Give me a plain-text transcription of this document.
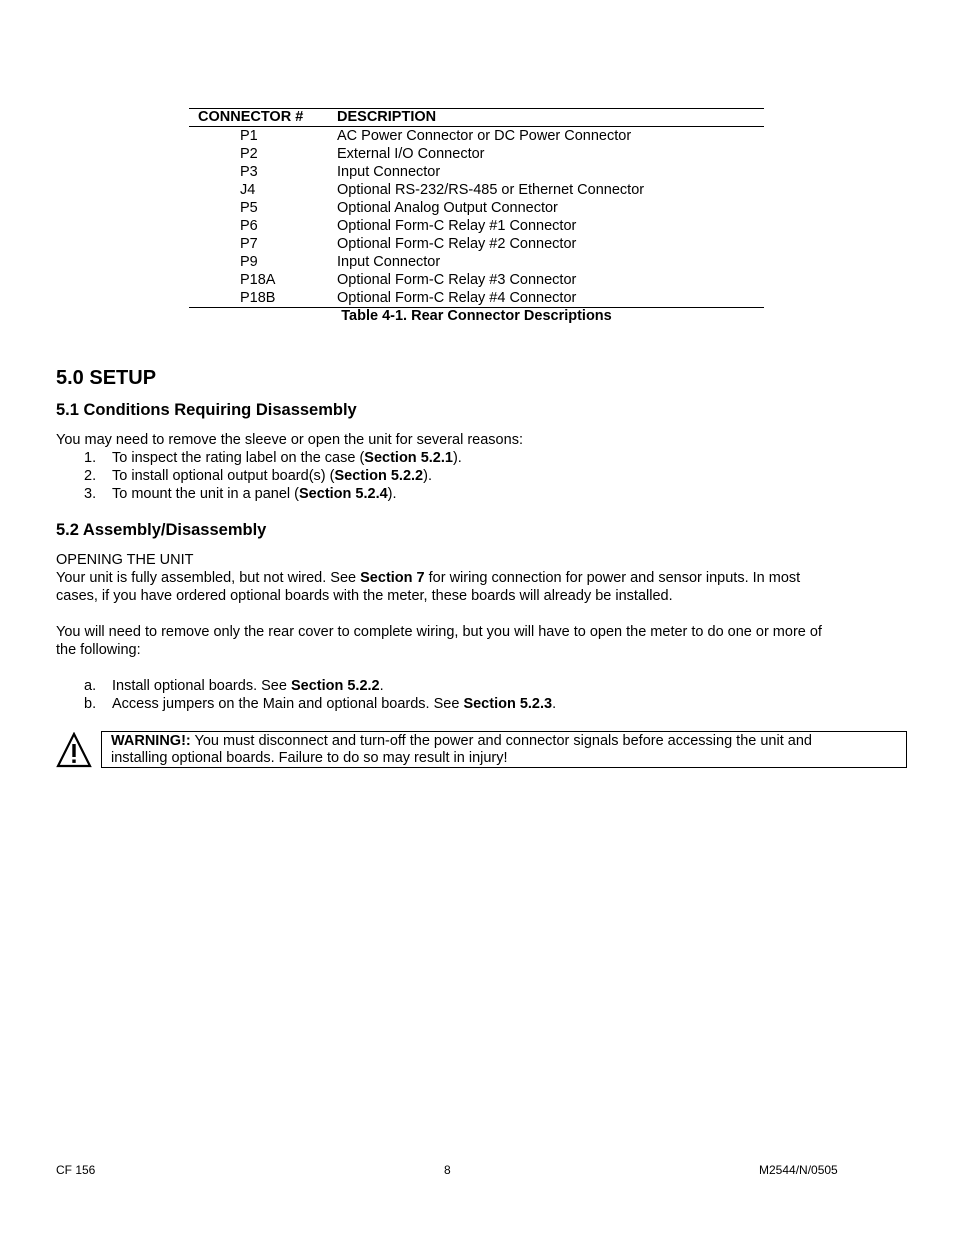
CONNECTOR # DESCRIPTION
P1	AC Power Connector or DC Power Connector
P2	External I/O Connector
P3	Input Connector
J4	Optional RS-232/RS-485 or Ethernet Connector
P5	Optional Analog Output Connector
P6	Optional Form-C Relay #1 Connector
P7	Optional Form-C Relay #2 Connector
P9	Input Connector
P18A	Optional Form-C Relay #3 Connector
P18B	Optional Form-C Relay #4 Connector
Table 4-1. Rear Connector Descriptions
5.0 SETUP
5.1 Conditions Requiring Disassembly
You may need to remove the sleeve or open the unit for several reasons:
1. To inspect the rating label on the case (Section 5.2.1).
2. To install optional output board(s) (Section 5.2.2).
3. To mount the unit in a panel (Section 5.2.4).
5.2 Assembly/Disassembly
OPENING THE UNIT
Your unit is fully assembled, but not wired. See Section 7 for wiring connection for power and sensor inputs. In most
cases, if you have ordered optional boards with the meter, these boards will already be installed.
You will need to remove only the rear cover to complete wiring, but you will have to open the meter to do one or more of
the following:
a. Install optional boards. See Section 5.2.2.
b. Access jumpers on the Main and optional boards. See Section 5.2.3.
WARNING!: You must disconnect and turn-off the power and connector signals before accessing the unit and
installing optional boards. Failure to do so may result in injury!
CF 156	8	M2544/N/0505
